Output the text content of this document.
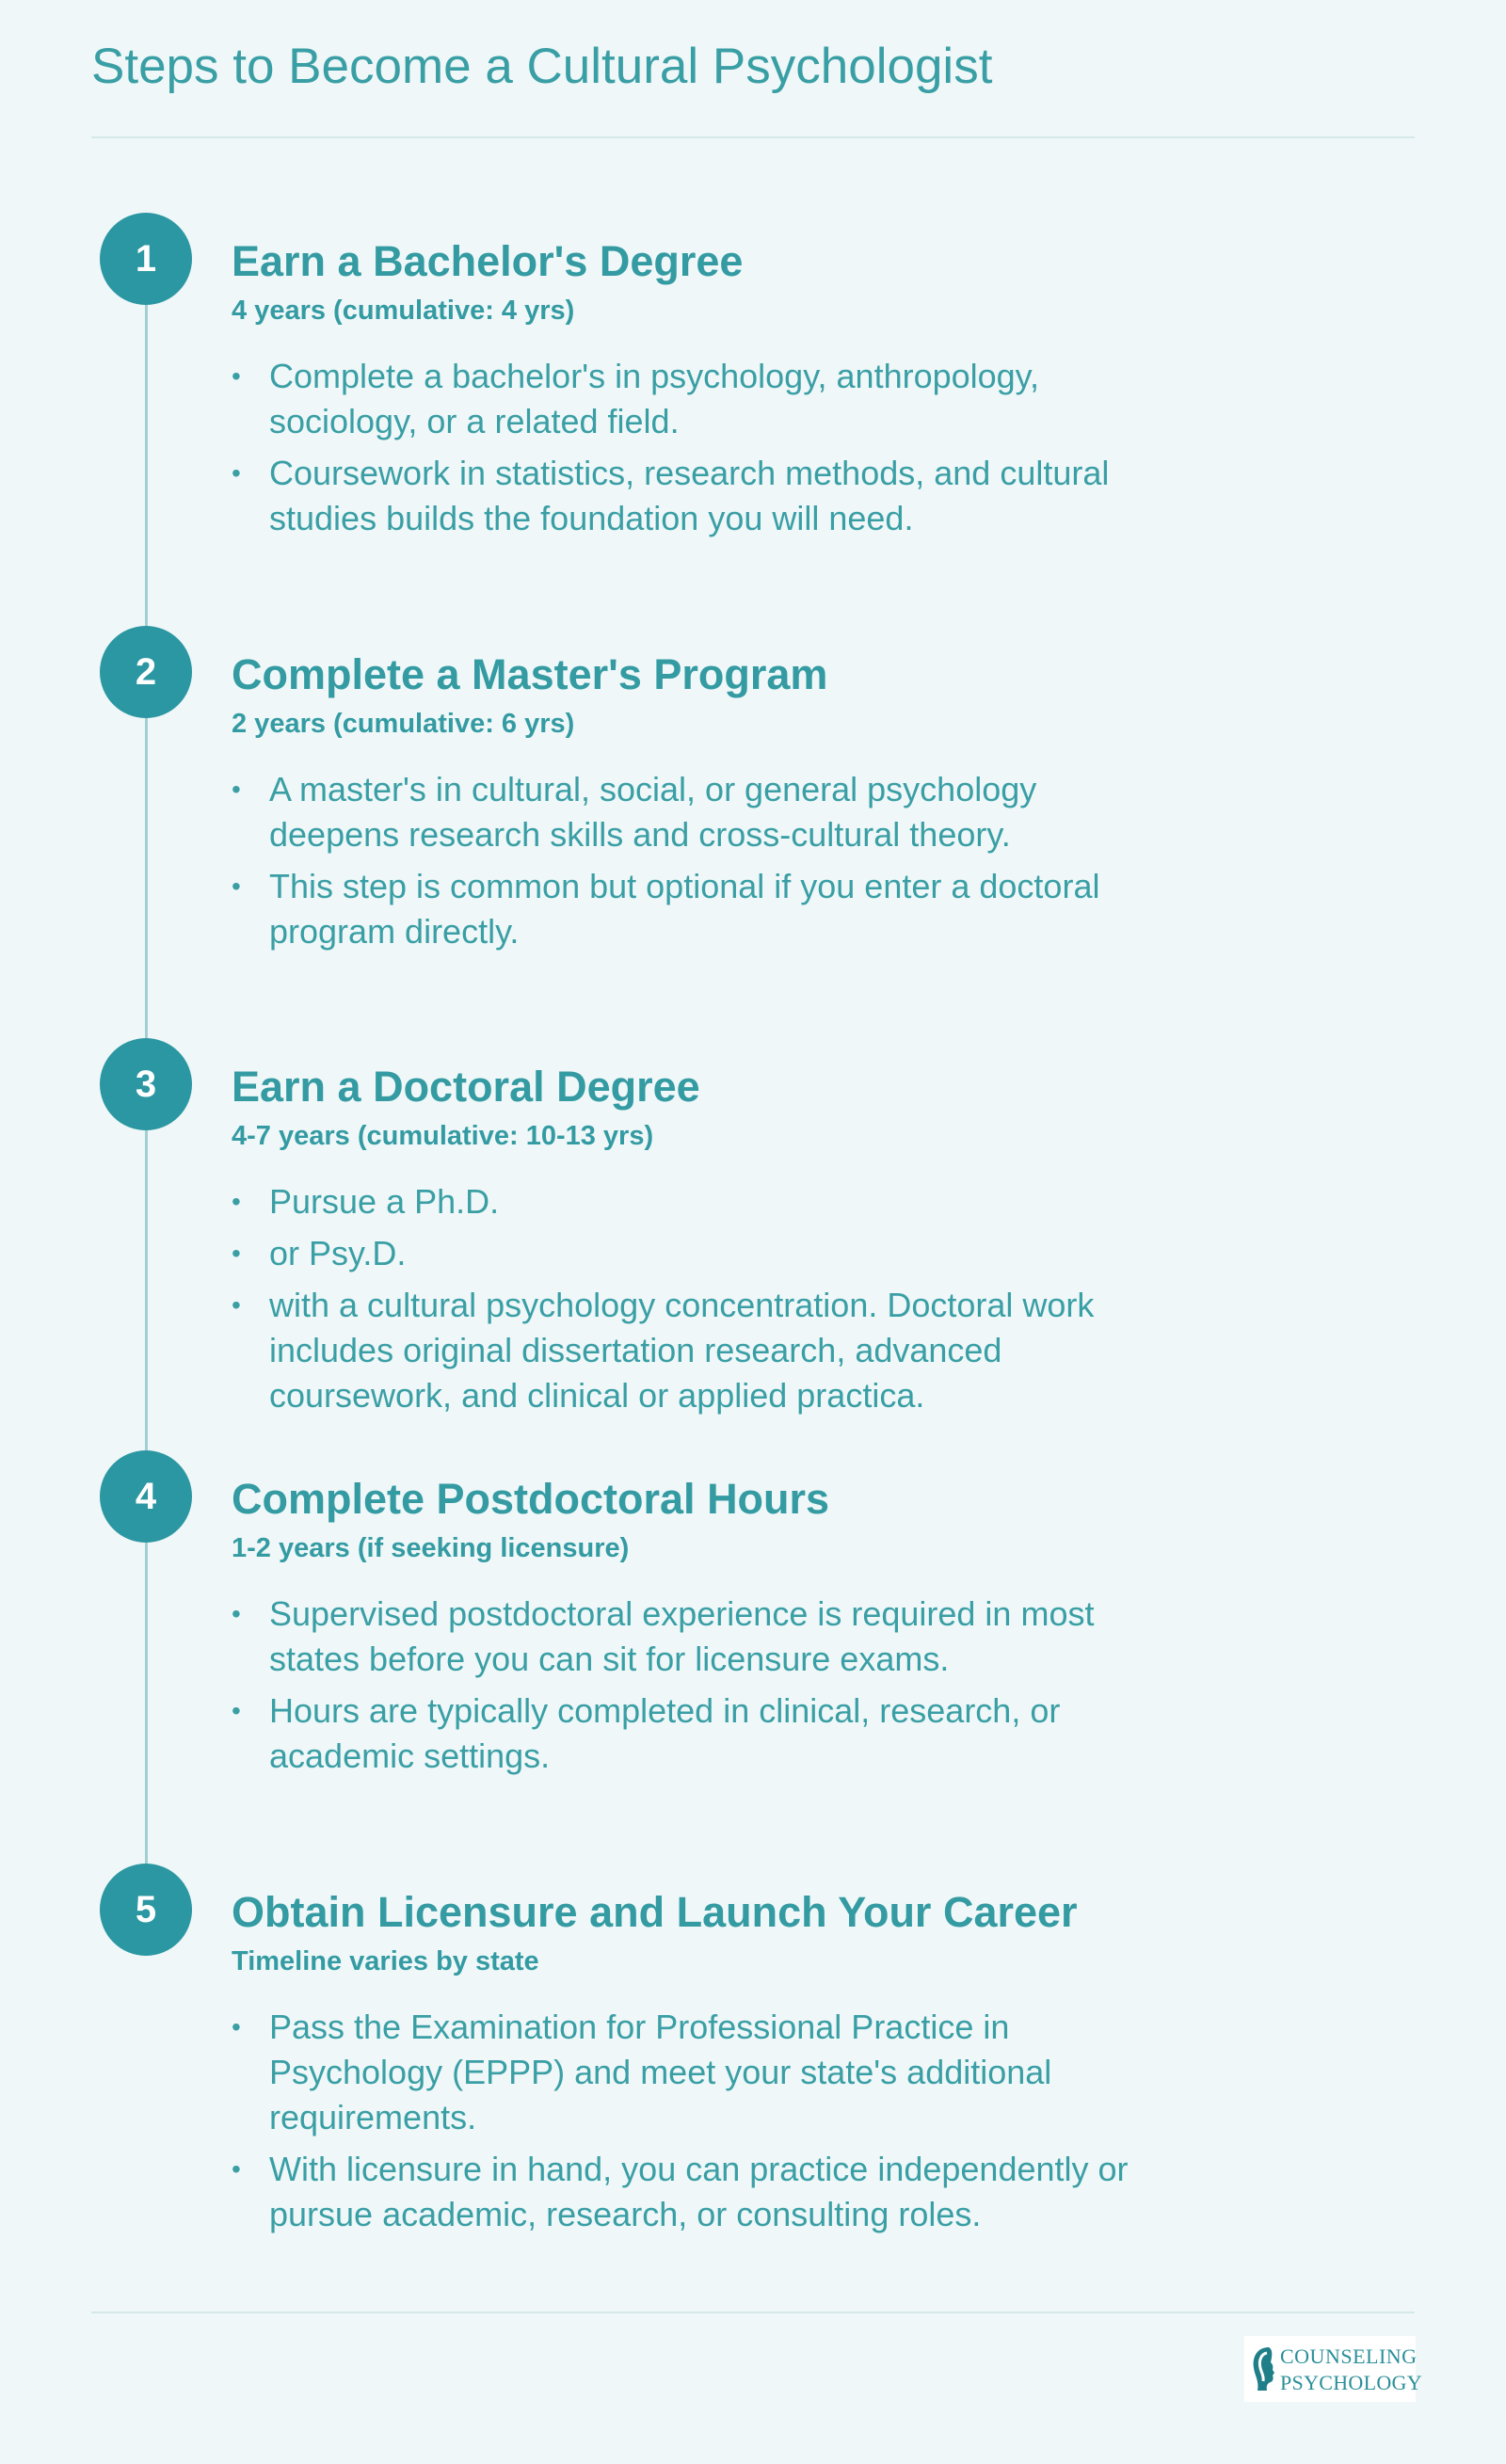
Steps to Become a Cultural Psychologist
1	Earn a Bachelor's Degree
4 years (cumulative: 4 yrs)
• Complete a bachelor's in psychology, anthropology, sociology, or a related field.
• Coursework in statistics, research methods, and cultural studies builds the foundation you will need.
2	Complete a Master's Program
2 years (cumulative: 6 yrs)
• A master's in cultural, social, or general psychology deepens research skills and cross-cultural theory.
• This step is common but optional if you enter a doctoral program directly.
3	Earn a Doctoral Degree
4-7 years (cumulative: 10-13 yrs)
• Pursue a Ph.D.
• or Psy.D.
• with a cultural psychology concentration. Doctoral work includes original dissertation research, advanced coursework, and clinical or applied practica.
4	Complete Postdoctoral Hours
1-2 years (if seeking licensure)
• Supervised postdoctoral experience is required in most states before you can sit for licensure exams.
• Hours are typically completed in clinical, research, or academic settings.
5	Obtain Licensure and Launch Your Career
Timeline varies by state
• Pass the Examination for Professional Practice in Psychology (EPPP) and meet your state's additional requirements.
• With licensure in hand, you can practice independently or pursue academic, research, or consulting roles.
COUNSELING
PSYCHOLOGY
